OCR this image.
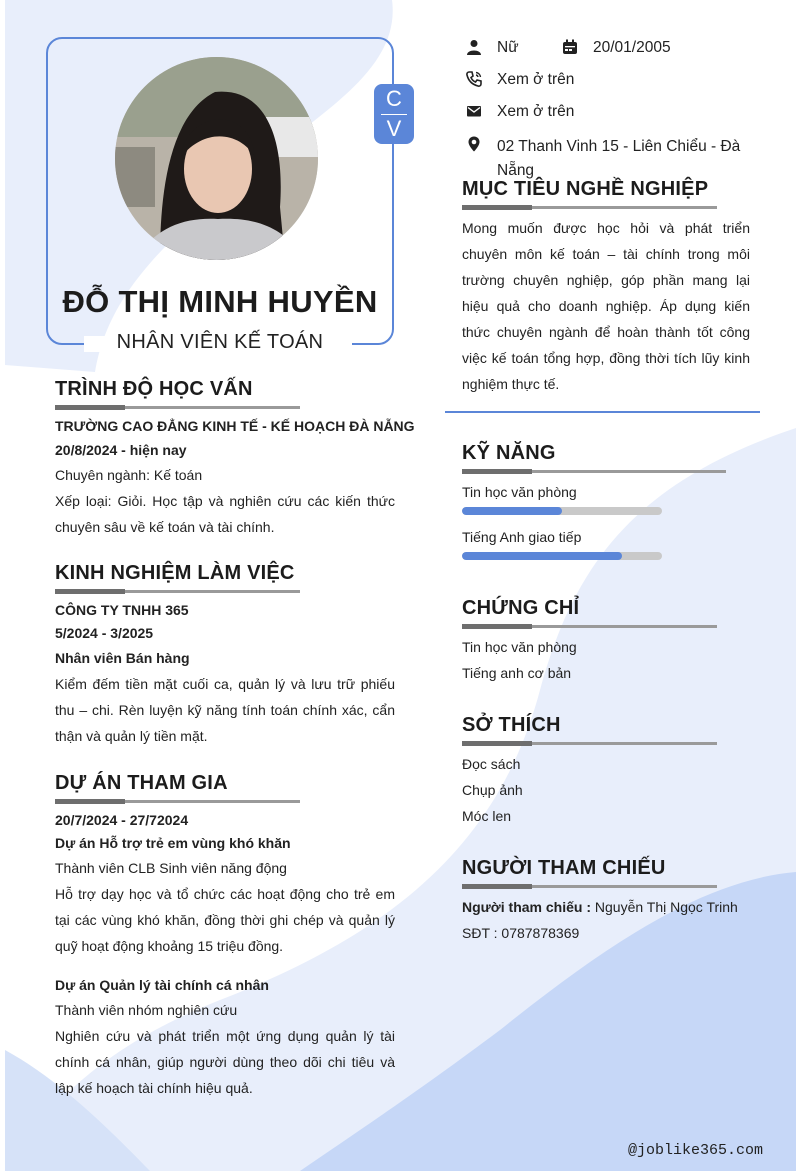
C
V
ĐỖ THỊ MINH HUYỀN
NHÂN VIÊN KẾ TOÁN
Nữ	20/01/2005
Xem ở trên
Xem ở trên
02 Thanh Vinh 15 - Liên Chiểu - Đà Nẵng
TRÌNH ĐỘ HỌC VẤN
TRƯỜNG CAO ĐẲNG KINH TẾ - KẾ HOẠCH ĐÀ NẴNG
20/8/2024 - hiện nay
Chuyên ngành: Kế toán
Xếp loại: Giỏi. Học tập và nghiên cứu các kiến thức chuyên sâu về kế toán và tài chính.
KINH NGHIỆM LÀM VIỆC
CÔNG TY TNHH 365
5/2024 - 3/2025
Nhân viên Bán hàng
Kiểm đếm tiền mặt cuối ca, quản lý và lưu trữ phiếu thu – chi. Rèn luyện kỹ năng tính toán chính xác, cẩn thận và quản lý tiền mặt.
DỰ ÁN THAM GIA
20/7/2024 - 27/72024
Dự án Hỗ trợ trẻ em vùng khó khăn
Thành viên CLB Sinh viên năng động
Hỗ trợ dạy học và tổ chức các hoạt động cho trẻ em tại các vùng khó khăn, đồng thời ghi chép và quản lý quỹ hoạt động khoảng 15 triệu đồng.
Dự án Quản lý tài chính cá nhân
Thành viên nhóm nghiên cứu
Nghiên cứu và phát triển một ứng dụng quản lý tài chính cá nhân, giúp người dùng theo dõi chi tiêu và lập kế hoạch tài chính hiệu quả.
MỤC TIÊU NGHỀ NGHIỆP
Mong muốn được học hỏi và phát triển chuyên môn kế toán – tài chính trong môi trường chuyên nghiệp, góp phần mang lại hiệu quả cho doanh nghiệp. Áp dụng kiến thức chuyên ngành để hoàn thành tốt công việc kế toán tổng hợp, đồng thời tích lũy kinh nghiệm thực tế.
KỸ NĂNG
Tin học văn phòng
Tiếng Anh giao tiếp
CHỨNG CHỈ
Tin học văn phòng
Tiếng anh cơ bản
SỞ THÍCH
Đọc sách
Chụp ảnh
Móc len
NGƯỜI THAM CHIẾU
Người tham chiếu : Nguyễn Thị Ngọc Trinh
SĐT : 0787878369
@joblike365.com
